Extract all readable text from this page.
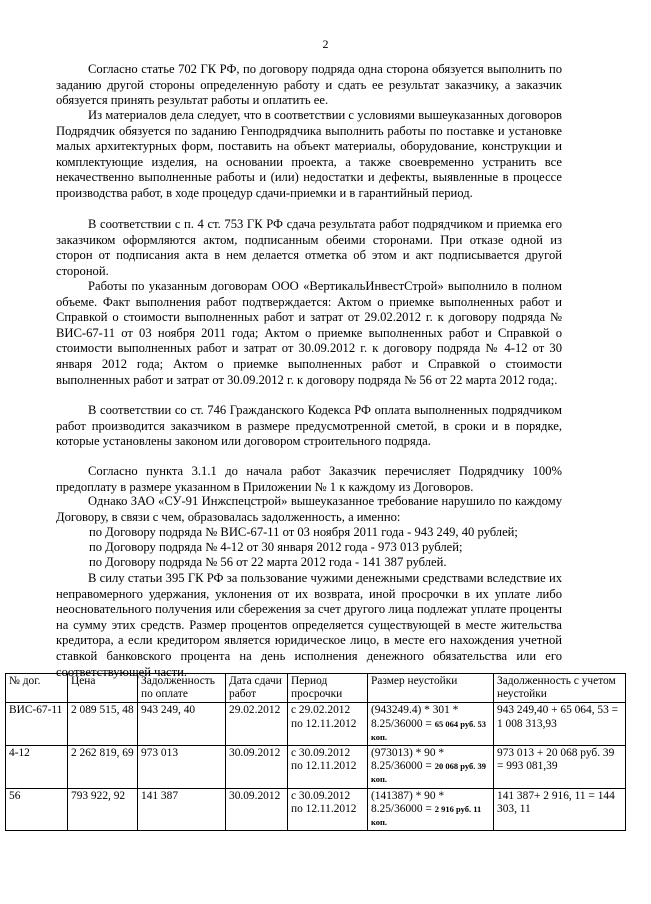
2

Согласно статье 702 ГК РФ, по договору подряда одна сторона обязуется выполнить по заданию другой стороны определенную работу и сдать ее результат заказчику, а заказчик обязуется принять результат работы и оплатить ее.

Из материалов дела следует, что в соответствии с условиями вышеуказанных договоров Подрядчик обязуется по заданию Генподрядчика выполнить работы по поставке и установке малых архитектурных форм, поставить на объект материалы, оборудование, конструкции и комплектующие изделия, на основании проекта, а также своевременно устранить все некачественно выполненные работы и (или) недостатки и дефекты, выявленные в процессе производства работ, в ходе процедур сдачи-приемки и в гарантийный период.

В соответствии с п. 4 ст. 753 ГК РФ сдача результата работ подрядчиком и приемка его заказчиком оформляются актом, подписанным обеими сторонами. При отказе одной из сторон от подписания акта в нем делается отметка об этом и акт подписывается другой стороной.

Работы по указанным договорам ООО «ВертикальИнвестСтрой» выполнило в полном объеме. Факт выполнения работ подтверждается: Актом о приемке выполненных работ и Справкой о стоимости выполненных работ и затрат от 29.02.2012 г. к договору подряда № ВИС-67-11 от 03 ноября 2011 года; Актом о приемке выполненных работ и Справкой о стоимости выполненных работ и затрат от 30.09.2012 г. к договору подряда № 4-12 от 30 января 2012 года; Актом о приемке выполненных работ и Справкой о стоимости выполненных работ и затрат от 30.09.2012 г. к договору подряда № 56 от 22 марта 2012 года;.

В соответствии со ст. 746 Гражданского Кодекса РФ оплата выполненных подрядчиком работ производится заказчиком в размере предусмотренной сметой, в сроки и в порядке, которые установлены законом или договором строительного подряда.

Согласно пункта 3.1.1 до начала работ Заказчик перечисляет Подрядчику 100% предоплату в размере указанном в Приложении № 1 к каждому из Договоров.

Однако ЗАО «СУ-91 Инжспецстрой» вышеуказанное требование нарушило по каждому Договору, в связи с чем, образовалась задолженность, а именно:

по Договору подряда № ВИС-67-11 от 03 ноября 2011 года - 943 249, 40 рублей;
по Договору подряда № 4-12 от 30 января 2012 года - 973 013 рублей;
по Договору подряда № 56 от 22 марта 2012 года - 141 387 рублей.

В силу статьи 395 ГК РФ за пользование чужими денежными средствами вследствие их неправомерного удержания, уклонения от их возврата, иной просрочки в их уплате либо неосновательного получения или сбережения за счет другого лица подлежат уплате проценты на сумму этих средств. Размер процентов определяется существующей в месте жительства кредитора, а если кредитором является юридическое лицо, в месте его нахождения учетной ставкой банковского процента на день исполнения денежного обязательства или его соответствующей части.

№ дог.	Цена	Задолженность по оплате	Дата сдачи работ	Период просрочки	Размер неустойки	Задолженность с учетом неустойки
ВИС-67-11	2 089 515, 48	943 249, 40	29.02.2012	с 29.02.2012 по 12.11.2012	(943249.4) * 301 * 8.25/36000 = 65 064 руб. 53 коп.	943 249,40 + 65 064, 53 = 1 008 313,93
4-12	2 262 819, 69	973 013	30.09.2012	с 30.09.2012 по 12.11.2012	(973013) * 90 * 8.25/36000 = 20 068 руб. 39 коп.	973 013 + 20 068 руб. 39 = 993 081,39
56	793 922, 92	141 387	30.09.2012	с 30.09.2012 по 12.11.2012	(141387) * 90 * 8.25/36000 = 2 916 руб. 11 коп.	141 387+ 2 916, 11 = 144 303, 11
